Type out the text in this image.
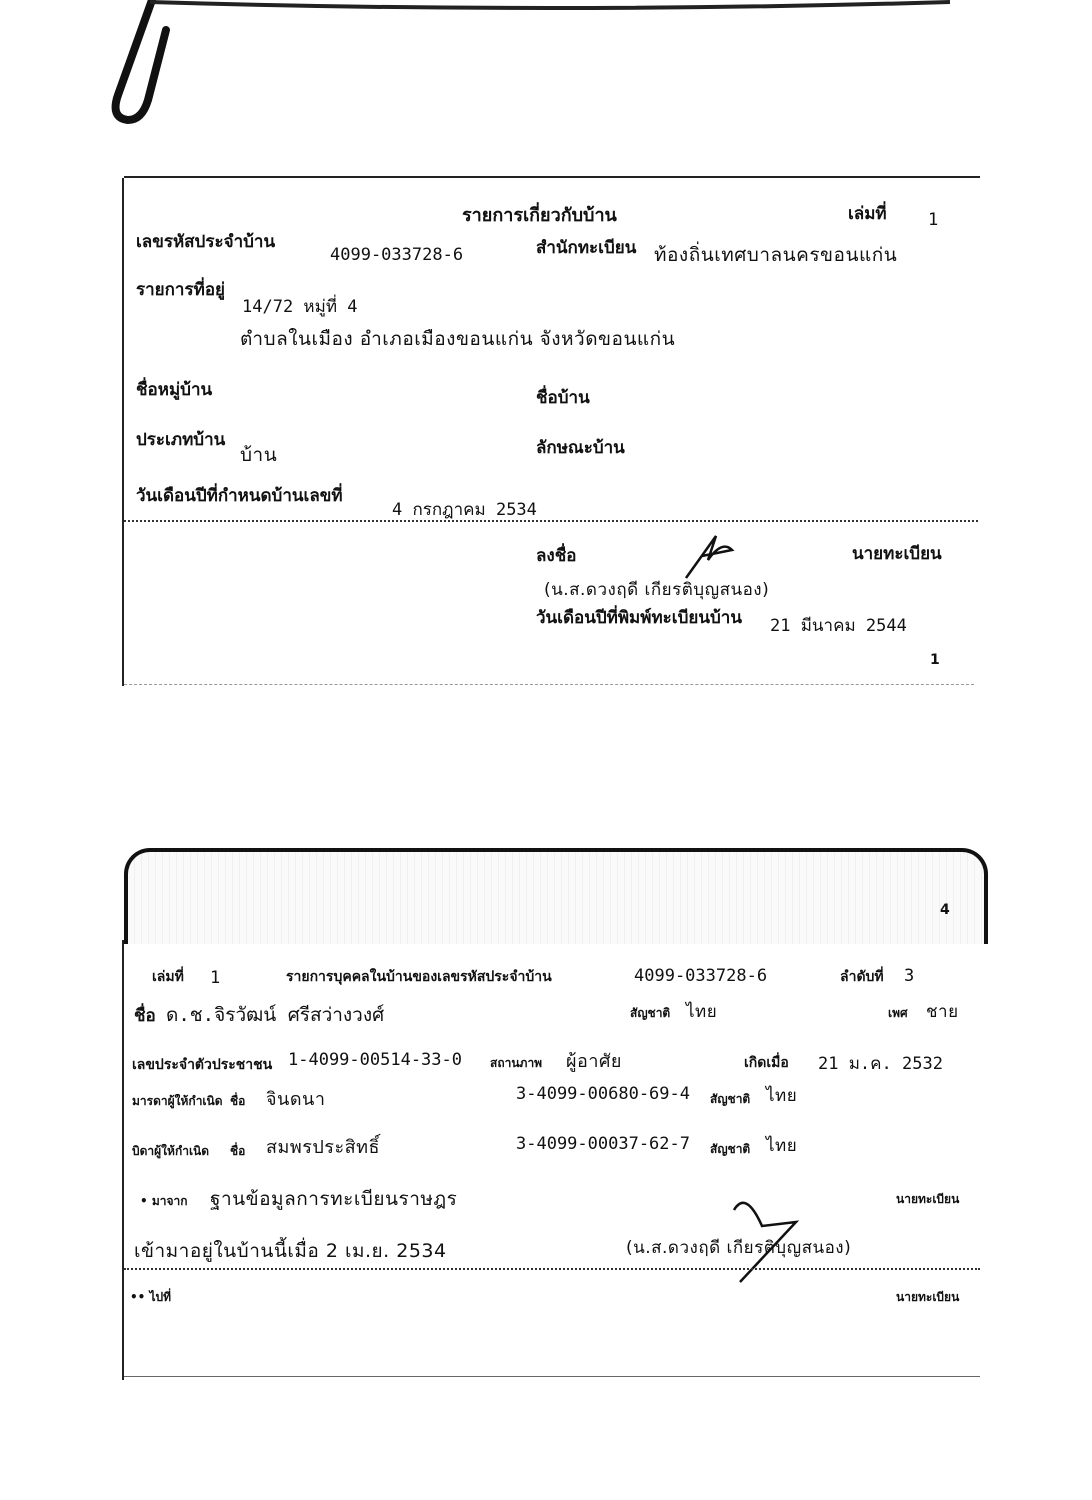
รายการเกี่ยวกับบ้าน	เล่มที่ 1
เลขรหัสประจำบ้าน
4099-033728-6	สำนักทะเบียน ท้องถิ่นเทศบาลนครขอนแก่น
รายการที่อยู่
14/72 หมู่ที่ 4
ตำบลในเมือง อำเภอเมืองขอนแก่น จังหวัดขอนแก่น
ชื่อหมู่บ้าน	ชื่อบ้าน
ประเภทบ้าน
บ้าน	ลักษณะบ้าน
วันเดือนปีที่กำหนดบ้านเลขที่
4 กรกฎาคม 2534
ลงชื่อ	นายทะเบียน
(น.ส.ดวงฤดี เกียรติบุญสนอง)
วันเดือนปีที่พิมพ์ทะเบียนบ้าน 21 มีนาคม 2544
1
4
เล่มที่ 1	รายการบุคคลในบ้านของเลขรหัสประจำบ้าน	4099-033728-6	ลำดับที่ 3
ชื่อ ด.ช.จิรวัฒน์ ศรีสว่างวงศ์	สัญชาติ ไทย	เพศ ชาย
เลขประจำตัวประชาชน 1-4099-00514-33-0 สถานภาพ ผู้อาศัย	เกิดเมื่อ 21 ม.ค. 2532
มารดาผู้ให้กำเนิด ชื่อ จินดนา	3-4099-00680-69-4 สัญชาติ ไทย
บิดาผู้ให้กำเนิด ชื่อ สมพรประสิทธิ์	3-4099-00037-62-7 สัญชาติ ไทย
• มาจาก ฐานข้อมูลการทะเบียนราษฎร	นายทะเบียน
เข้ามาอยู่ในบ้านนี้เมื่อ 2 เม.ย. 2534	(น.ส.ดวงฤดี เกียรติบุญสนอง)
•• ไปที่	นายทะเบียน
